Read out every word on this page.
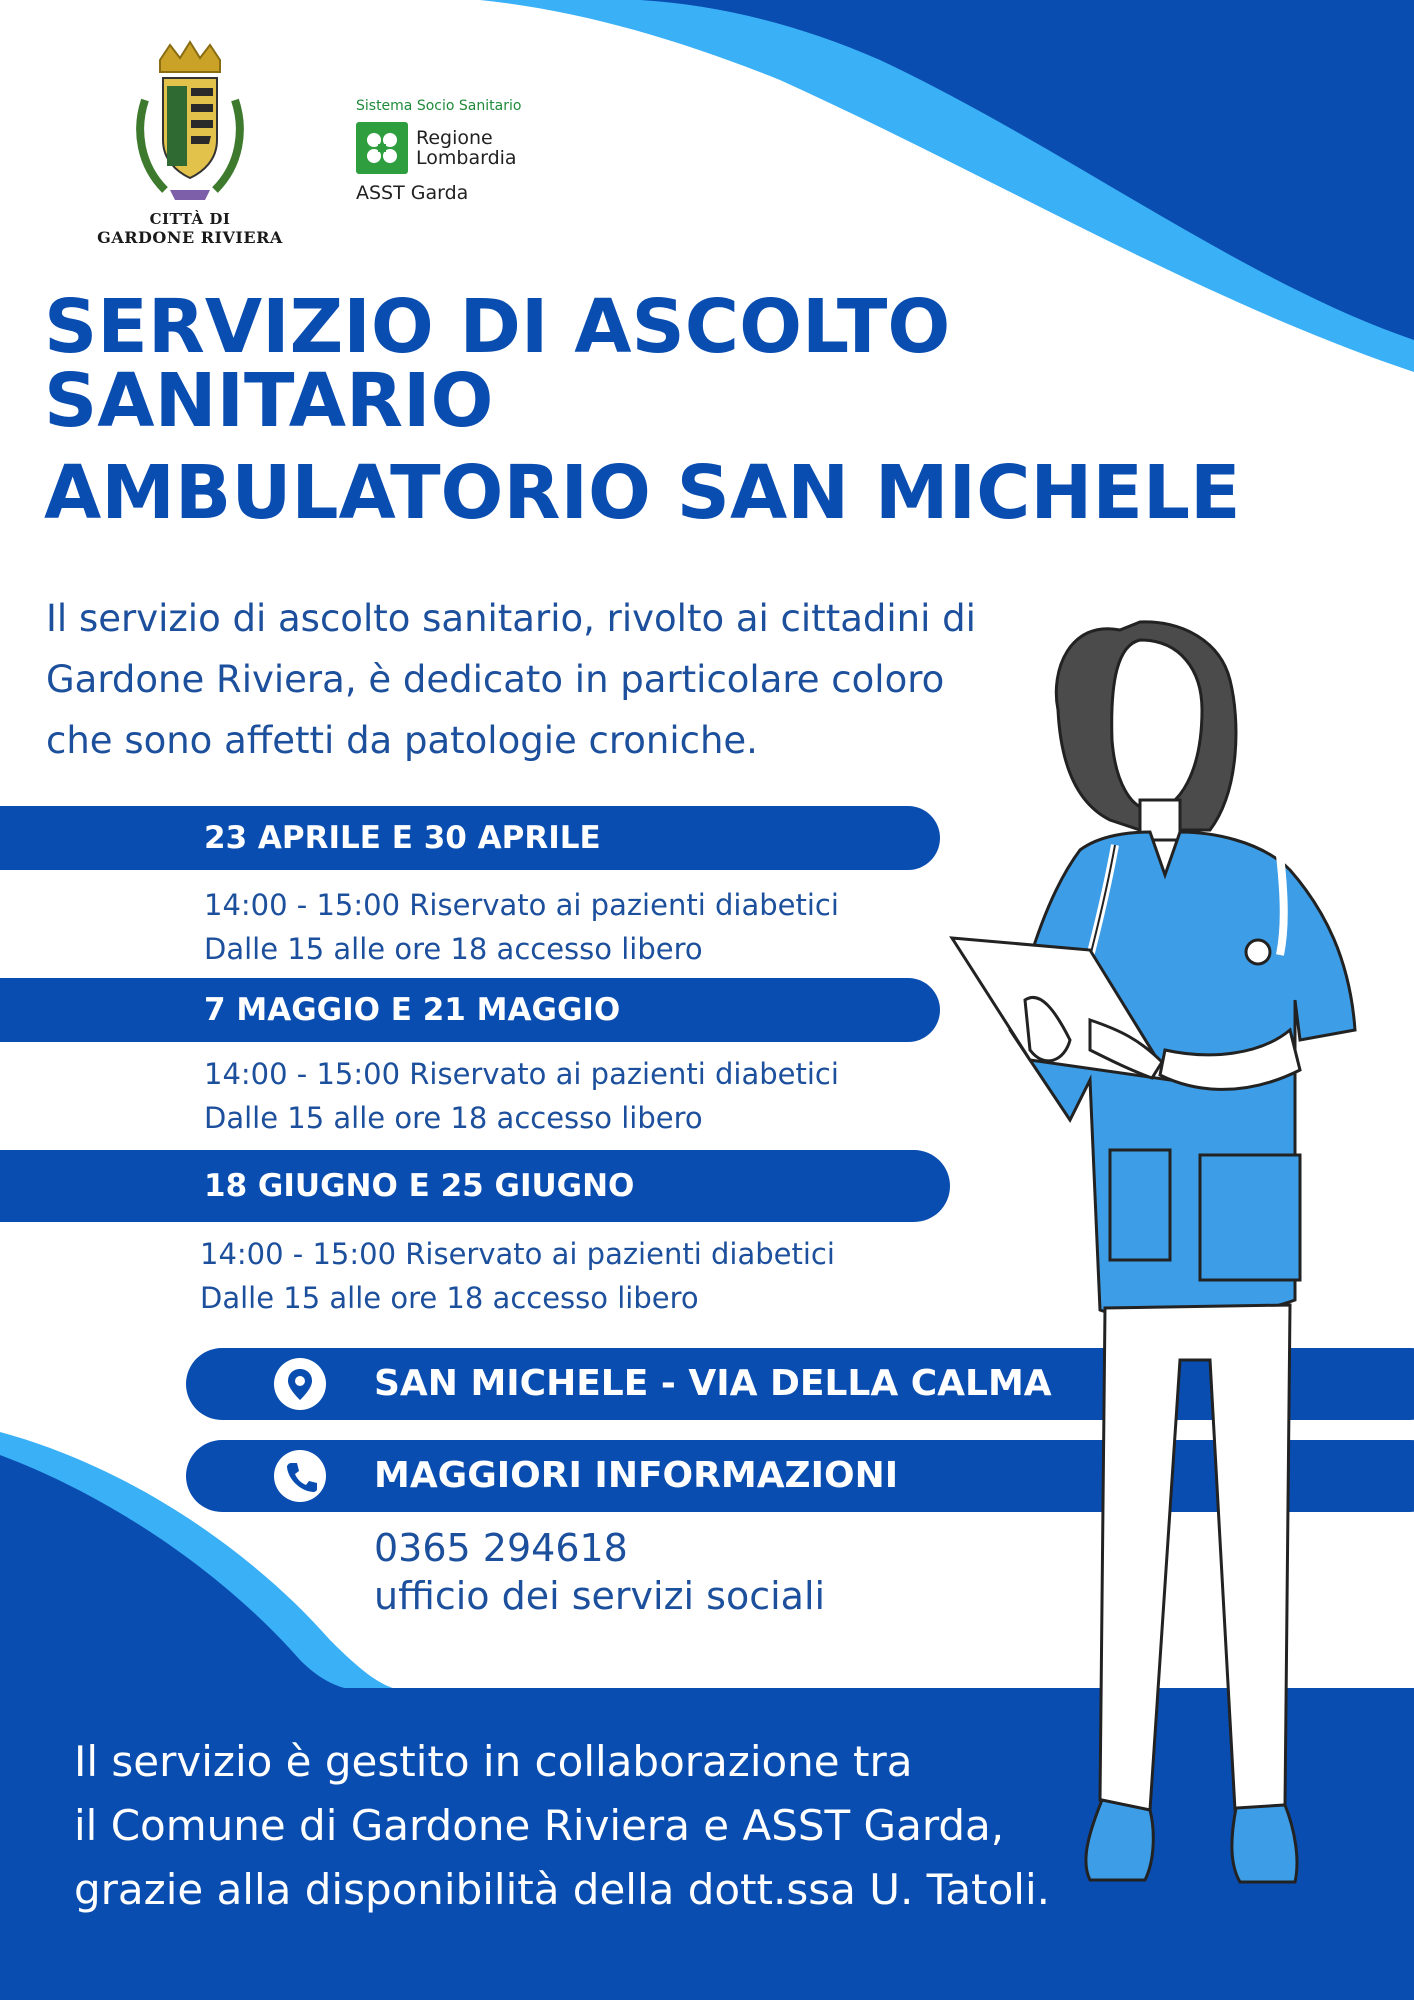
CITTÀ DI
GARDONE RIVIERA
Sistema Socio Sanitario
Regione
Lombardia
ASST Garda
SERVIZIO DI ASCOLTO
SANITARIO
AMBULATORIO SAN MICHELE
Il servizio di ascolto sanitario, rivolto ai cittadini di
Gardone Riviera, è dedicato in particolare coloro
che sono affetti da patologie croniche.
23 APRILE E 30 APRILE
14:00 - 15:00 Riservato ai pazienti diabetici
Dalle 15 alle ore 18 accesso libero
7 MAGGIO E 21 MAGGIO
14:00 - 15:00 Riservato ai pazienti diabetici
Dalle 15 alle ore 18 accesso libero
18 GIUGNO E 25 GIUGNO
14:00 - 15:00 Riservato ai pazienti diabetici
Dalle 15 alle ore 18 accesso libero
SAN MICHELE - VIA DELLA CALMA
MAGGIORI INFORMAZIONI
0365 294618
ufficio dei servizi sociali
Il servizio è gestito in collaborazione tra
il Comune di Gardone Riviera e ASST Garda,
grazie alla disponibilità della dott.ssa U. Tatoli.
